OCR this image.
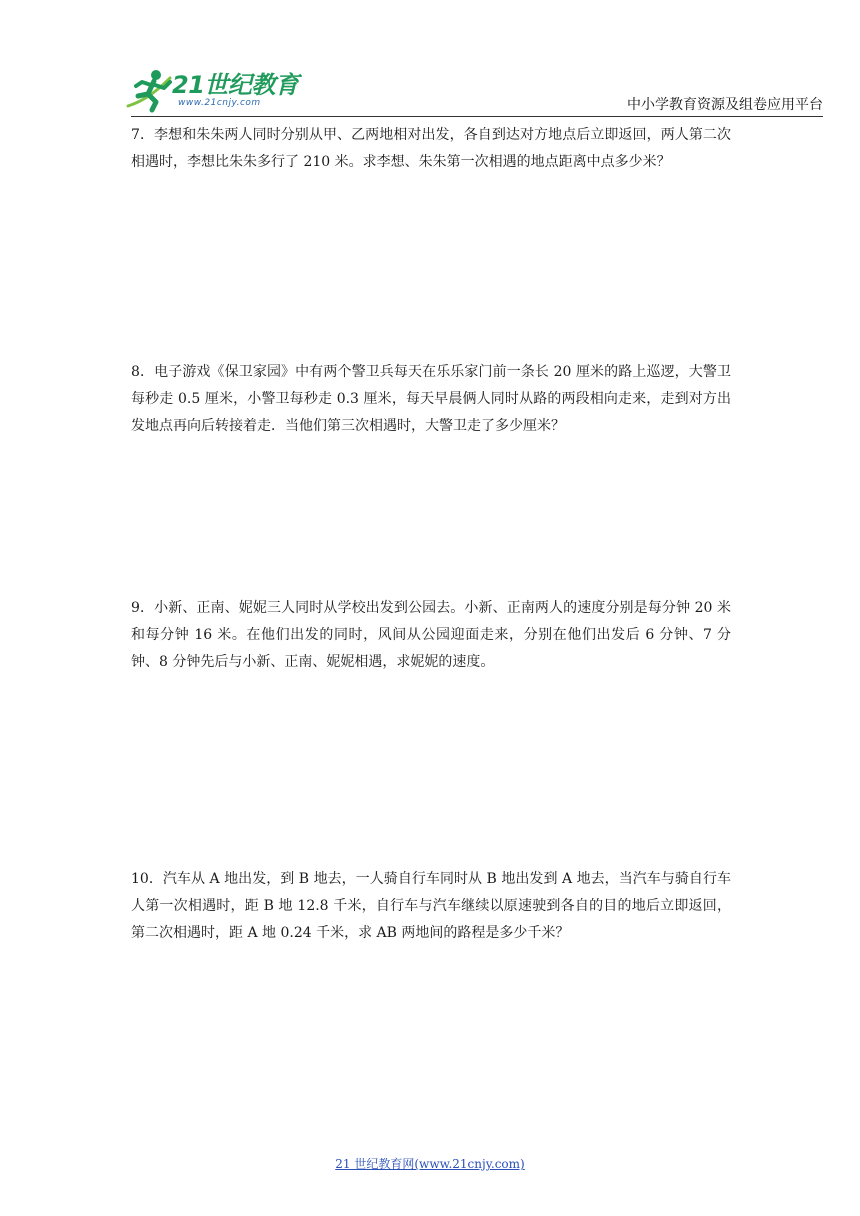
21世纪教育
www.21cnjy.com	中小学教育资源及组卷应用平台
7．李想和朱朱两人同时分别从甲、乙两地相对出发，各自到达对方地点后立即返回，两人第二次相遇时，李想比朱朱多行了 210 米。求李想、朱朱第一次相遇的地点距离中点多少米？
8．电子游戏《保卫家园》中有两个警卫兵每天在乐乐家门前一条长 20 厘米的路上巡逻，大警卫每秒走 0.5 厘米，小警卫每秒走 0.3 厘米，每天早晨俩人同时从路的两段相向走来，走到对方出发地点再向后转接着走．当他们第三次相遇时，大警卫走了多少厘米？
9．小新、正南、妮妮三人同时从学校出发到公园去。小新、正南两人的速度分别是每分钟 20 米和每分钟 16 米。在他们出发的同时，风间从公园迎面走来，分别在他们出发后 6 分钟、7 分钟、8 分钟先后与小新、正南、妮妮相遇，求妮妮的速度。
10．汽车从 A 地出发，到 B 地去，一人骑自行车同时从 B 地出发到 A 地去，当汽车与骑自行车人第一次相遇时，距 B 地 12.8 千米，自行车与汽车继续以原速驶到各自的目的地后立即返回，第二次相遇时，距 A 地 0.24 千米，求 AB 两地间的路程是多少千米？
21 世纪教育网(www.21cnjy.com)
